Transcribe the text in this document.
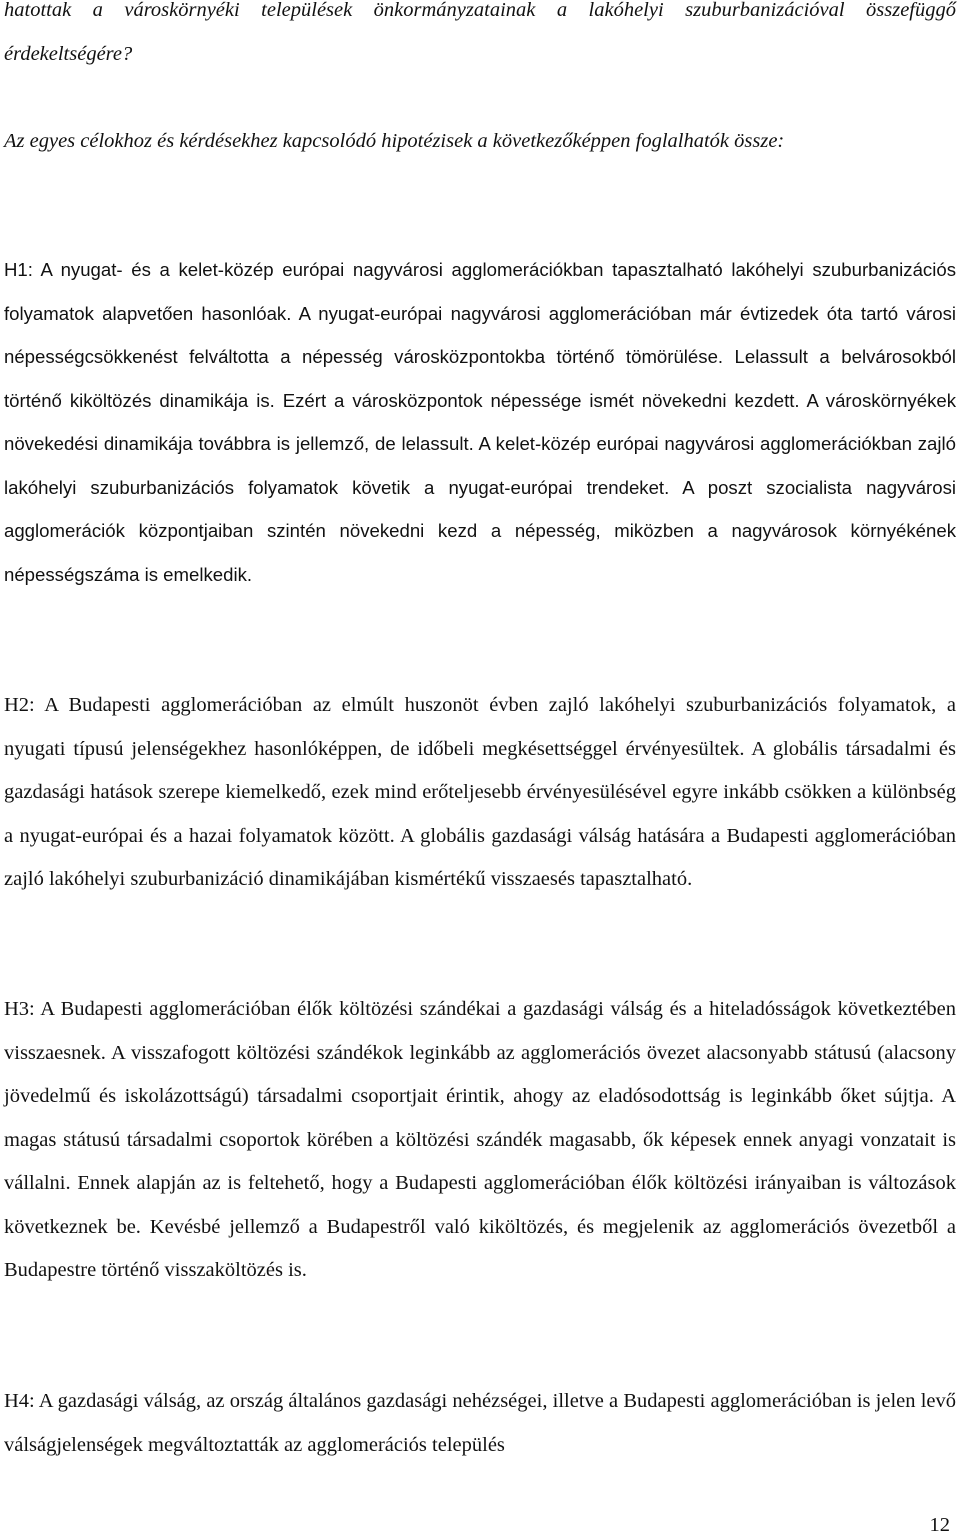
hatottak a városkörnyéki települések önkormányzatainak a lakóhelyi szuburbanizációval összefüggő érdekeltségére?

Az egyes célokhoz és kérdésekhez kapcsolódó hipotézisek a következőképpen foglalhatók össze:

H1: A nyugat- és a kelet-közép európai nagyvárosi agglomerációkban tapasztalható lakóhelyi szuburbanizációs folyamatok alapvetően hasonlóak. A nyugat-európai nagyvárosi agglomerációban már évtizedek óta tartó városi népességcsökkenést felváltotta a népesség városközpontokba történő tömörülése. Lelassult a belvárosokból történő kiköltözés dinamikája is. Ezért a városközpontok népessége ismét növekedni kezdett. A városkörnyékek növekedési dinamikája továbbra is jellemző, de lelassult. A kelet-közép európai nagyvárosi agglomerációkban zajló lakóhelyi szuburbanizációs folyamatok követik a nyugat-európai trendeket. A poszt szocialista nagyvárosi agglomerációk központjaiban szintén növekedni kezd a népesség, miközben a nagyvárosok környékének népességszáma is emelkedik.

H2: A Budapesti agglomerációban az elmúlt huszonöt évben zajló lakóhelyi szuburbanizációs folyamatok, a nyugati típusú jelenségekhez hasonlóképpen, de időbeli megkésettséggel érvényesültek. A globális társadalmi és gazdasági hatások szerepe kiemelkedő, ezek mind erőteljesebb érvényesülésével egyre inkább csökken a különbség a nyugat-európai és a hazai folyamatok között. A globális gazdasági válság hatására a Budapesti agglomerációban zajló lakóhelyi szuburbanizáció dinamikájában kismértékű visszaesés tapasztalható.

H3: A Budapesti agglomerációban élők költözési szándékai a gazdasági válság és a hiteladósságok következtében visszaesnek. A visszafogott költözési szándékok leginkább az agglomerációs övezet alacsonyabb státusú (alacsony jövedelmű és iskolázottságú) társadalmi csoportjait érintik, ahogy az eladósodottság is leginkább őket sújtja. A magas státusú társadalmi csoportok körében a költözési szándék magasabb, ők képesek ennek anyagi vonzatait is vállalni. Ennek alapján az is feltehető, hogy a Budapesti agglomerációban élők költözési irányaiban is változások következnek be. Kevésbé jellemző a Budapestről való kiköltözés, és megjelenik az agglomerációs övezetből a Budapestre történő visszaköltözés is.

H4: A gazdasági válság, az ország általános gazdasági nehézségei, illetve a Budapesti agglomerációban is jelen levő válságjelenségek megváltoztatták az agglomerációs település

12
